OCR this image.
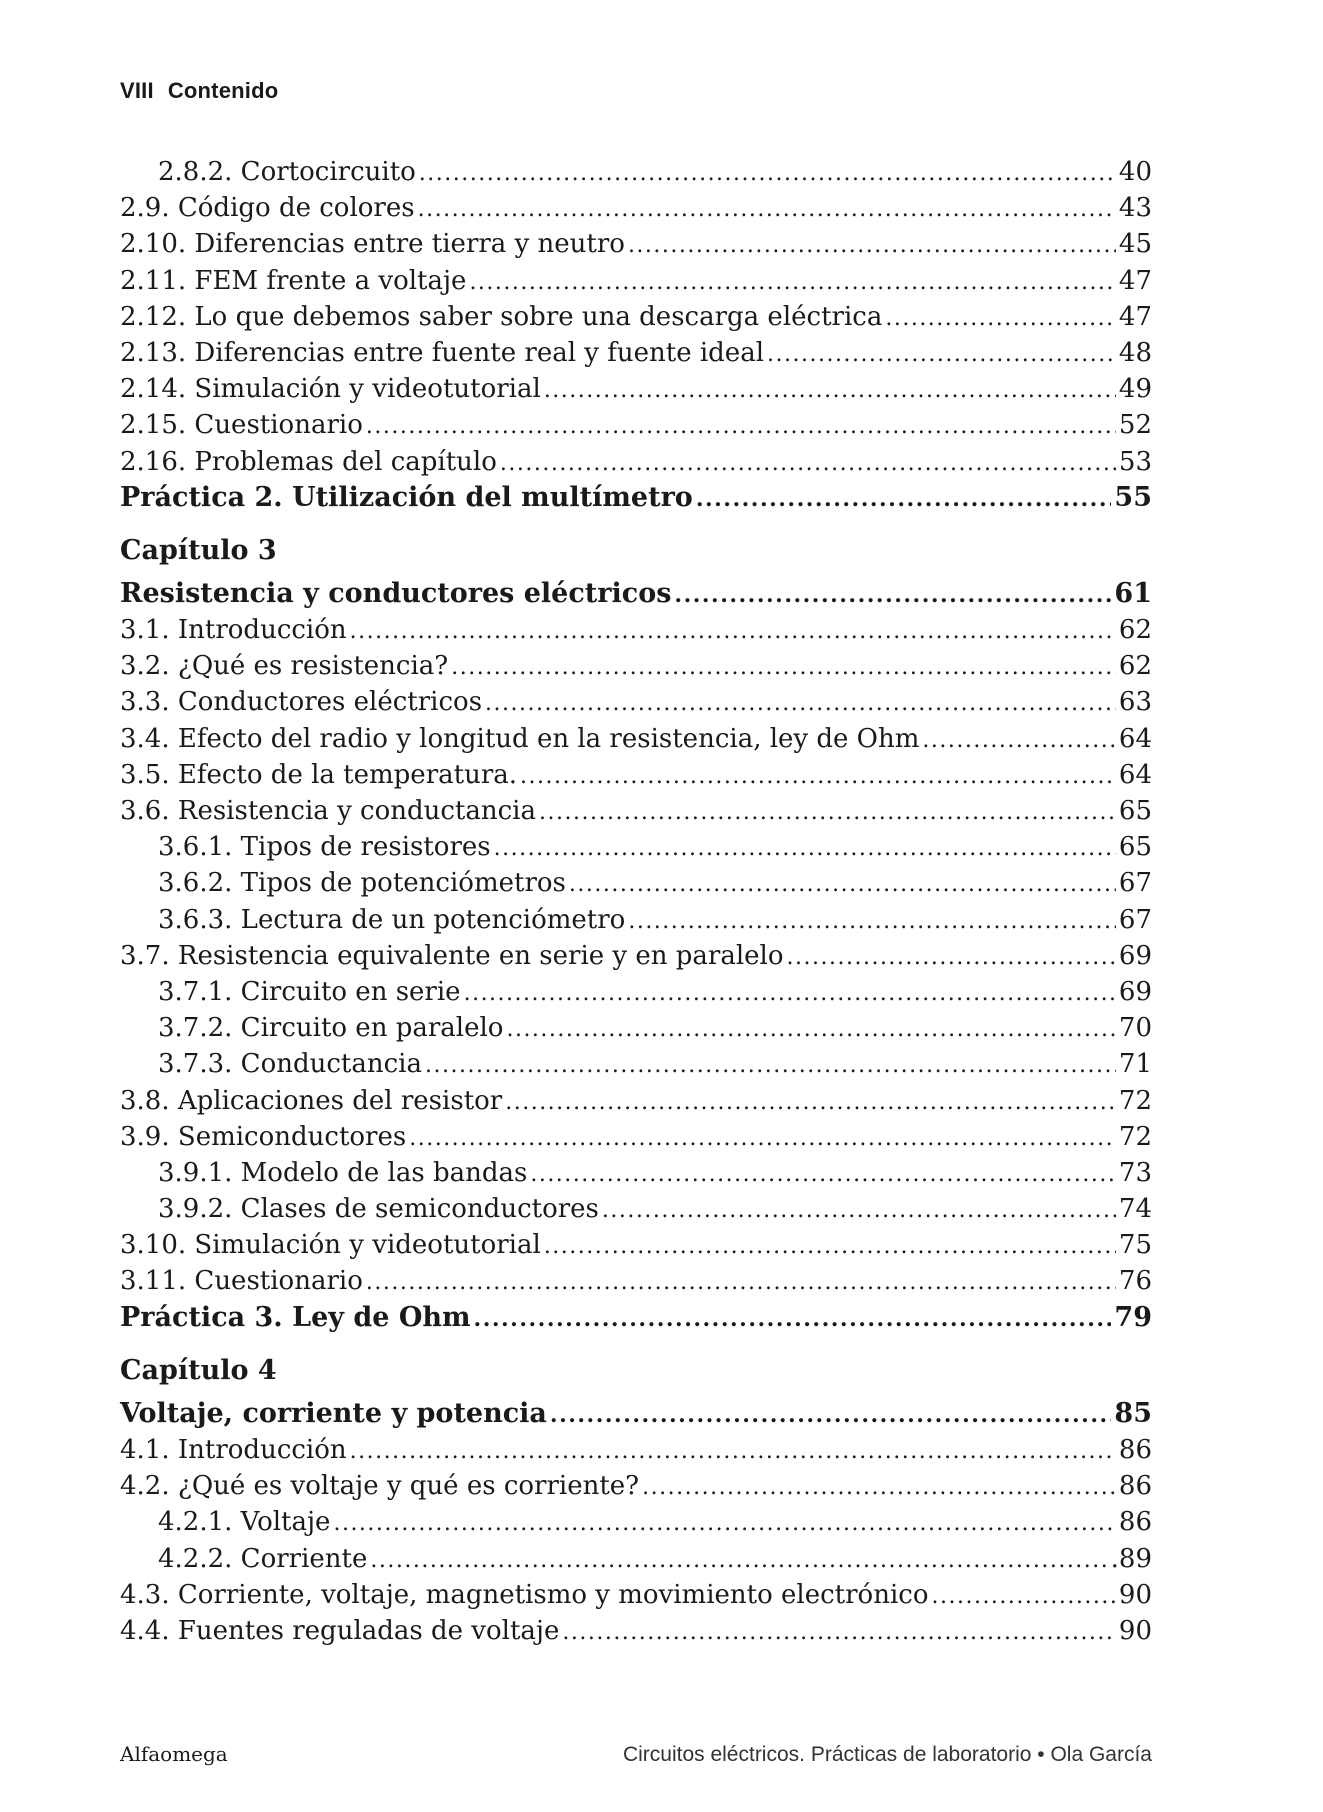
VIII Contenido
2.8.2. Cortocircuito .....	40
2.9. Código de colores .....	43
2.10. Diferencias entre tierra y neutro .....	45
2.11. FEM frente a voltaje .....	47
2.12. Lo que debemos saber sobre una descarga eléctrica .....	47
2.13. Diferencias entre fuente real y fuente ideal .....	48
2.14. Simulación y videotutorial .....	49
2.15. Cuestionario .....	52
2.16. Problemas del capítulo .....	53
Práctica 2. Utilización del multímetro .....	55
Capítulo 3
Resistencia y conductores eléctricos .....	61
3.1. Introducción .....	62
3.2. ¿Qué es resistencia? .....	62
3.3. Conductores eléctricos .....	63
3.4. Efecto del radio y longitud en la resistencia, ley de Ohm .....	64
3.5. Efecto de la temperatura. .....	64
3.6. Resistencia y conductancia .....	65
3.6.1. Tipos de resistores .....	65
3.6.2. Tipos de potenciómetros .....	67
3.6.3. Lectura de un potenciómetro .....	67
3.7. Resistencia equivalente en serie y en paralelo .....	69
3.7.1. Circuito en serie .....	69
3.7.2. Circuito en paralelo .....	70
3.7.3. Conductancia .....	71
3.8. Aplicaciones del resistor .....	72
3.9. Semiconductores .....	72
3.9.1. Modelo de las bandas .....	73
3.9.2. Clases de semiconductores .....	74
3.10. Simulación y videotutorial .....	75
3.11. Cuestionario .....	76
Práctica 3. Ley de Ohm .....	79
Capítulo 4
Voltaje, corriente y potencia .....	85
4.1. Introducción .....	86
4.2. ¿Qué es voltaje y qué es corriente? .....	86
4.2.1. Voltaje .....	86
4.2.2. Corriente .....	.89
4.3. Corriente, voltaje, magnetismo y movimiento electrónico .....	90
4.4. Fuentes reguladas de voltaje .....	90
Alfaomega	Circuitos eléctricos. Prácticas de laboratorio • Ola García
